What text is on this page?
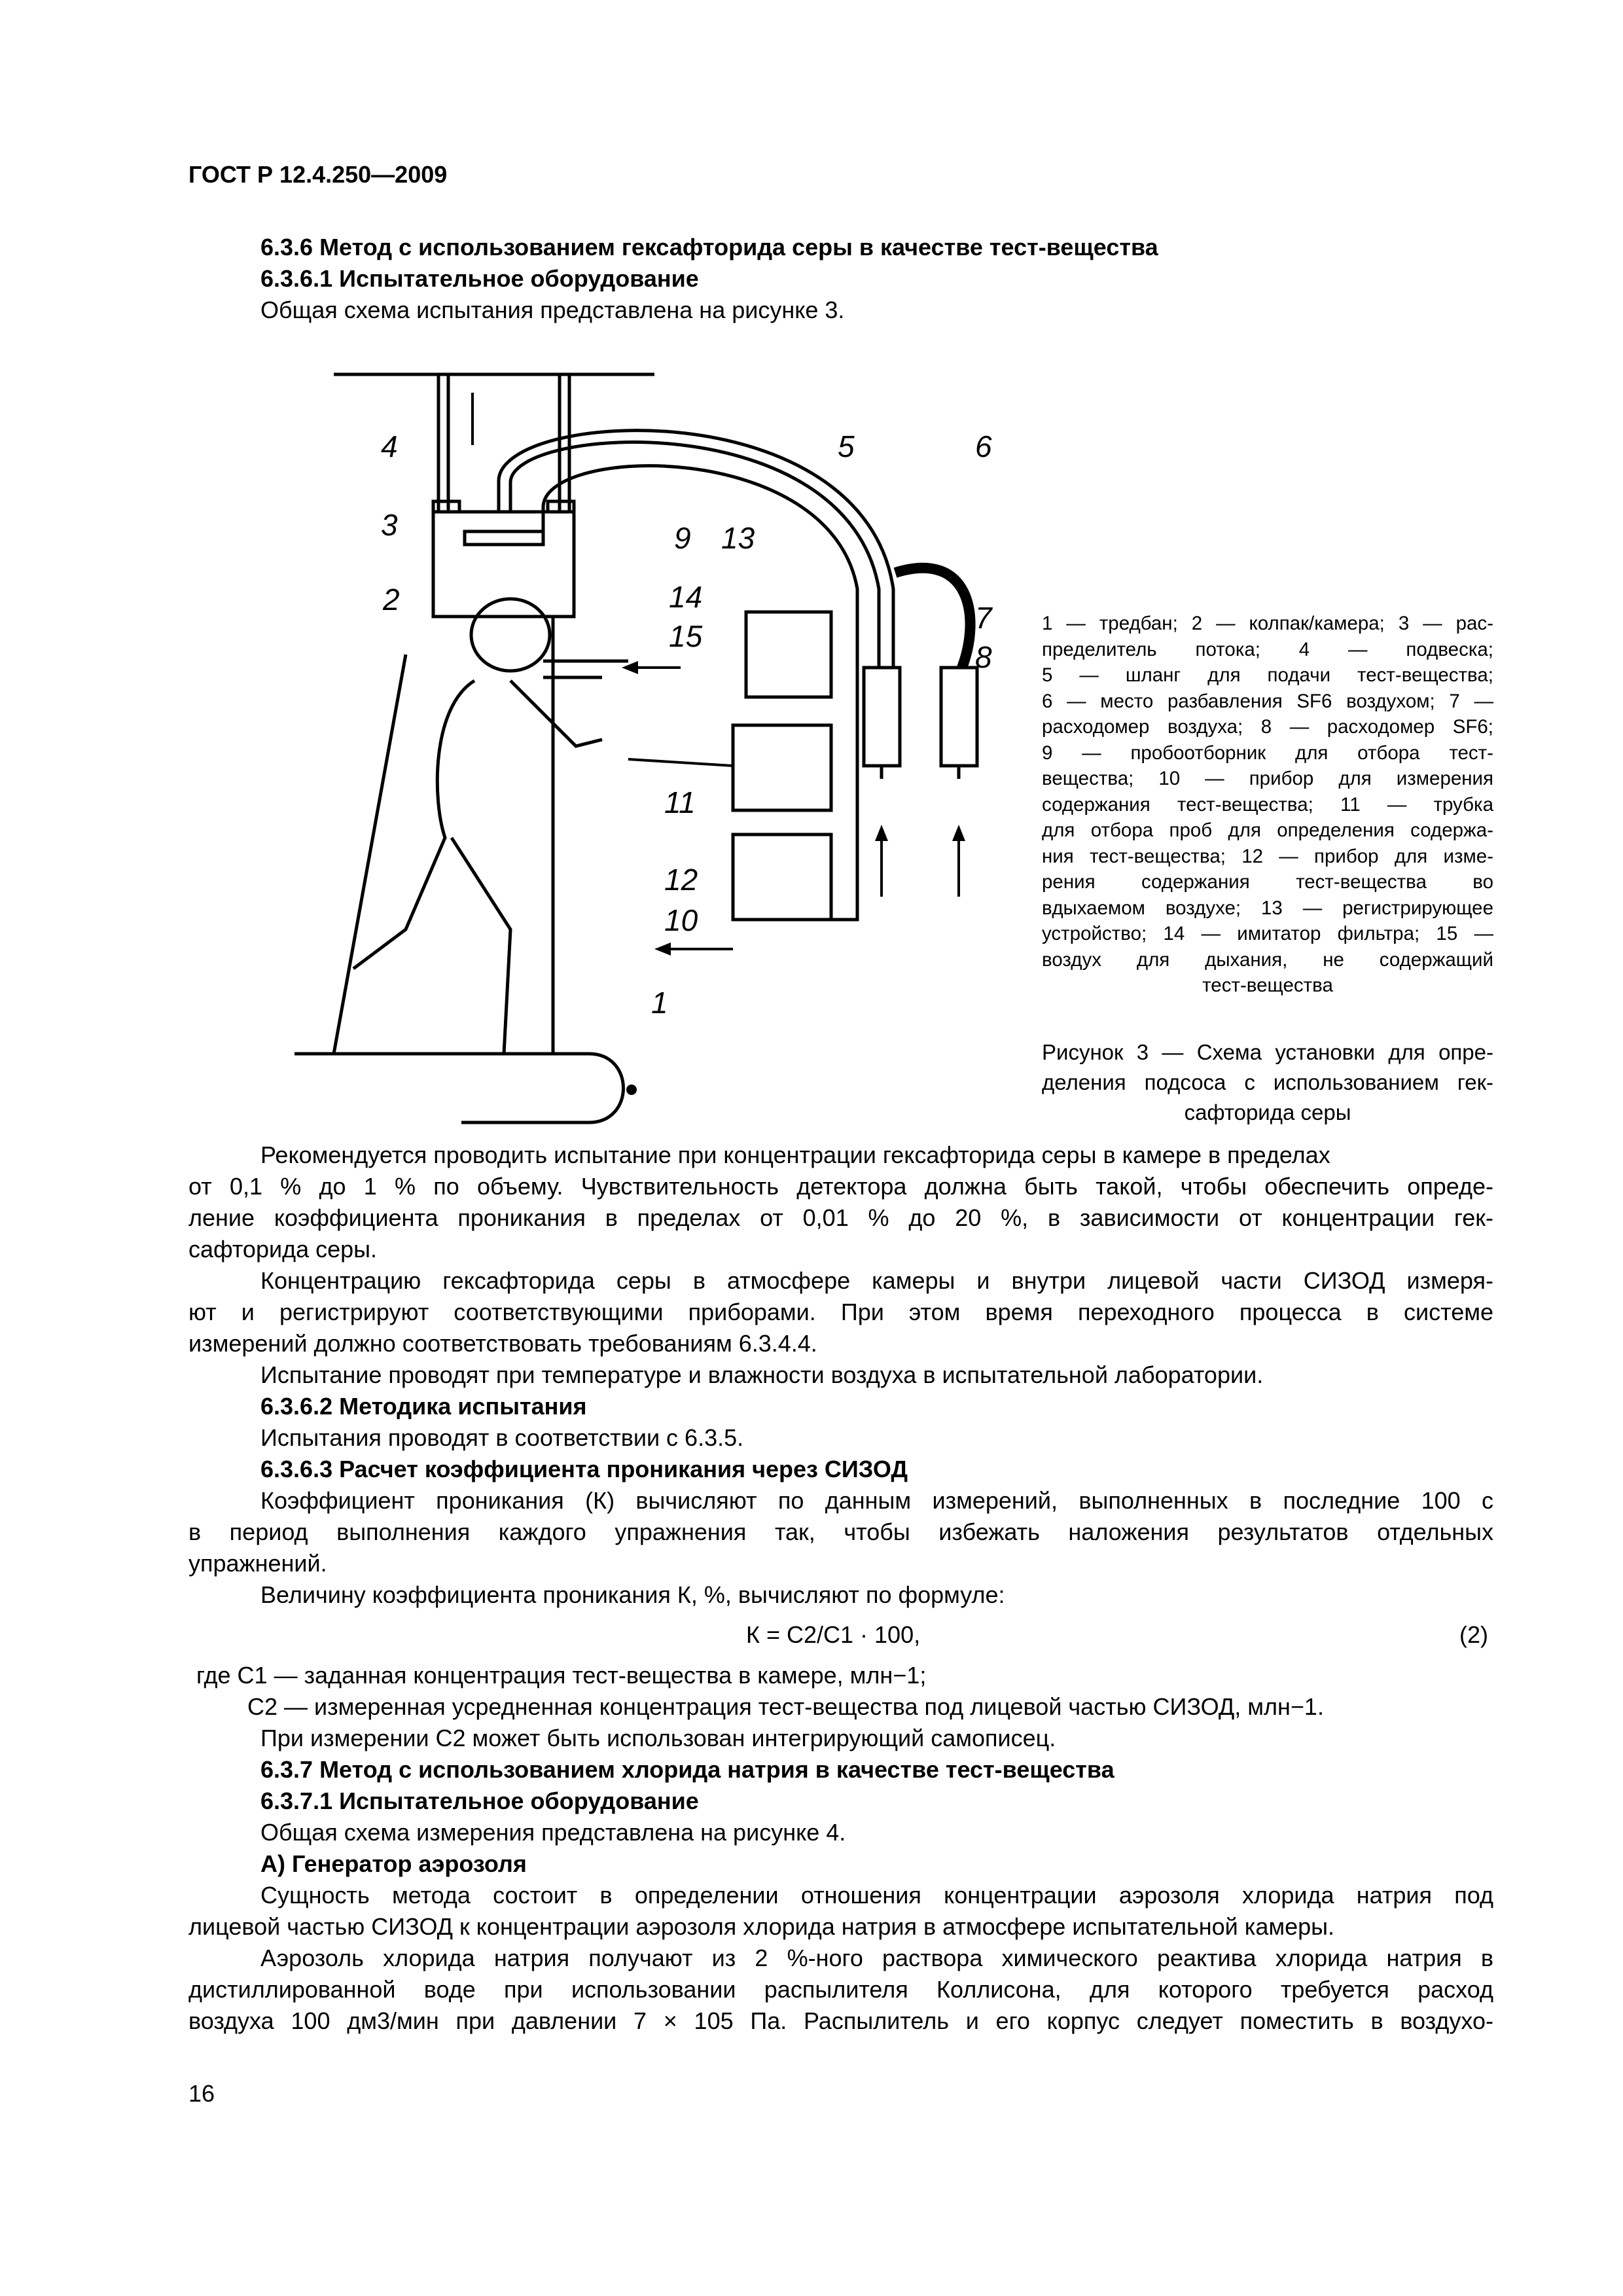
ГОСТ Р 12.4.250—2009
6.3.6 Метод с использованием гексафторида серы в качестве тест-вещества
6.3.6.1 Испытательное оборудование
Общая схема испытания представлена на рисунке 3.
1
2
3
4	5	6
7
8
9
10
11
12
13
14
15	1 — тредбан; 2 — колпак/камера; 3 — рас-
пределитель потока; 4 — подвеска;
5 — шланг для подачи тест-вещества;
6 — место разбавления SF6 воздухом; 7 —
расходомер воздуха; 8 — расходомер SF6;
9 — пробоотборник для отбора тест-
вещества; 10 — прибор для измерения
содержания тест-вещества; 11 — трубка
для отбора проб для определения содержа-
ния тест-вещества; 12 — прибор для изме-
рения содержания тест-вещества во
вдыхаемом воздухе; 13 — регистрирующее
устройство; 14 — имитатор фильтра; 15 —
воздух для дыхания, не содержащий
тест-вещества
Рисунок 3 — Схема установки для опре-
деления подсоса с использованием гек-
сафторида серы
Рекомендуется проводить испытание при концентрации гексафторида серы в камере в пределах
от 0,1 % до 1 % по объему. Чувствительность детектора должна быть такой, чтобы обеспечить опреде-
ление коэффициента проникания в пределах от 0,01 % до 20 %, в зависимости от концентрации гек-
сафторида серы.
Концентрацию гексафторида серы в атмосфере камеры и внутри лицевой части СИЗОД измеря-
ют и регистрируют соответствующими приборами. При этом время переходного процесса в системе
измерений должно соответствовать требованиям 6.3.4.4.
Испытание проводят при температуре и влажности воздуха в испытательной лаборатории.
6.3.6.2 Методика испытания
Испытания проводят в соответствии с 6.3.5.
6.3.6.3 Расчет коэффициента проникания через СИЗОД
Коэффициент проникания (К) вычисляют по данным измерений, выполненных в последние 100 с
в период выполнения каждого упражнения так, чтобы избежать наложения результатов отдельных
упражнений.
Величину коэффициента проникания К, %, вычисляют по формуле:
К = С2/С1 · 100,	(2)
где С1 — заданная концентрация тест-вещества в камере, млн−1;
С2 — измеренная усредненная концентрация тест-вещества под лицевой частью СИЗОД, млн−1.
При измерении С2 может быть использован интегрирующий самописец.
6.3.7 Метод с использованием хлорида натрия в качестве тест-вещества
6.3.7.1 Испытательное оборудование
Общая схема измерения представлена на рисунке 4.
А) Генератор аэрозоля
Сущность метода состоит в определении отношения концентрации аэрозоля хлорида натрия под
лицевой частью СИЗОД к концентрации аэрозоля хлорида натрия в атмосфере испытательной камеры.
Аэрозоль хлорида натрия получают из 2 %-ного раствора химического реактива хлорида натрия в
дистиллированной воде при использовании распылителя Коллисона, для которого требуется расход
воздуха 100 дм3/мин при давлении 7 × 105 Па. Распылитель и его корпус следует поместить в воздухо-
16
